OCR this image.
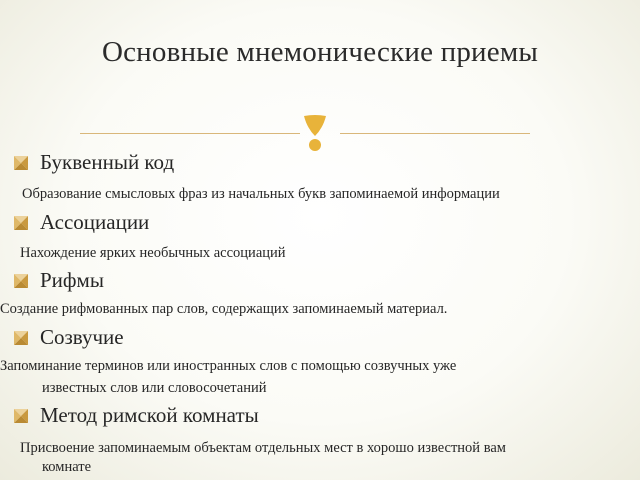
Основные мнемонические приемы
Буквенный код
Образование смысловых фраз из начальных букв запоминаемой информации
Ассоциации
Нахождение ярких необычных ассоциаций
Рифмы
Создание рифмованных пар слов, содержащих запоминаемый материал.
Созвучие
Запоминание терминов или иностранных слов с помощью созвучных уже
известных слов или словосочетаний
Метод римской комнаты
Присвоение запоминаемым объектам отдельных мест в хорошо известной вам
комнате
